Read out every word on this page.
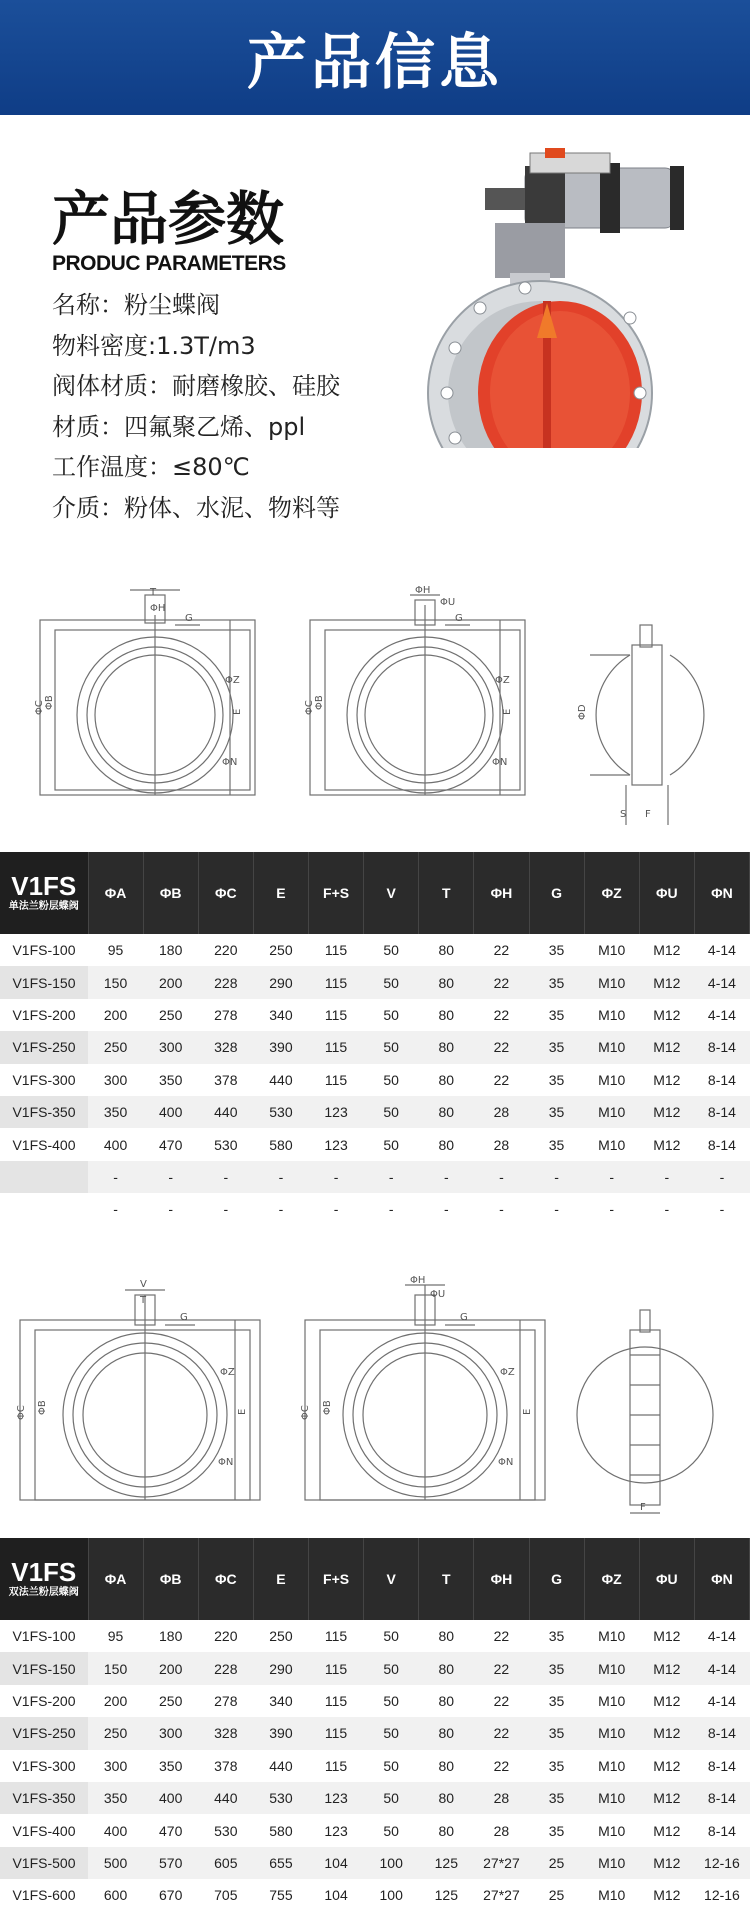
产品信息
产品参数
PRODUC PARAMETERS
名称：粉尘蝶阀
物料密度:1.3T/m3
阀体材质：耐磨橡胶、硅胶
材质：四氟聚乙烯、ppl
工作温度：≤80℃
介质：粉体、水泥、物料等
T
ΦH
G
ΦC ΦB
E
ΦZ
ΦN
ΦH
ΦU
G
ΦC ΦB
E
ΦZ
ΦN
ΦD
S F
V1FS
单法兰粉层蝶阀	ΦA	ΦB	ΦC	E	F+S	V	T	ΦH	G	ΦZ	ΦU	ΦN
V1FS-100	95	180	220	250	115	50	80	22	35	M10	M12	4-14
V1FS-150	150	200	228	290	115	50	80	22	35	M10	M12	4-14
V1FS-200	200	250	278	340	115	50	80	22	35	M10	M12	4-14
V1FS-250	250	300	328	390	115	50	80	22	35	M10	M12	8-14
V1FS-300	300	350	378	440	115	50	80	22	35	M10	M12	8-14
V1FS-350	350	400	440	530	123	50	80	28	35	M10	M12	8-14
V1FS-400	400	470	530	580	123	50	80	28	35	M10	M12	8-14
	-	-	-	-	-	-	-	-	-	-	-	-
	-	-	-	-	-	-	-	-	-	-	-	-
V
T
G
ΦC ΦB	E
ΦZ
ΦN
ΦH
ΦU
G
ΦC ΦB	E
ΦZ
ΦN
F
V1FS
双法兰粉层蝶阀	ΦA	ΦB	ΦC	E	F+S	V	T	ΦH	G	ΦZ	ΦU	ΦN
V1FS-100	95	180	220	250	115	50	80	22	35	M10	M12	4-14
V1FS-150	150	200	228	290	115	50	80	22	35	M10	M12	4-14
V1FS-200	200	250	278	340	115	50	80	22	35	M10	M12	4-14
V1FS-250	250	300	328	390	115	50	80	22	35	M10	M12	8-14
V1FS-300	300	350	378	440	115	50	80	22	35	M10	M12	8-14
V1FS-350	350	400	440	530	123	50	80	28	35	M10	M12	8-14
V1FS-400	400	470	530	580	123	50	80	28	35	M10	M12	8-14
V1FS-500	500	570	605	655	104	100	125	27*27	25	M10	M12	12-16
V1FS-600	600	670	705	755	104	100	125	27*27	25	M10	M12	12-16
